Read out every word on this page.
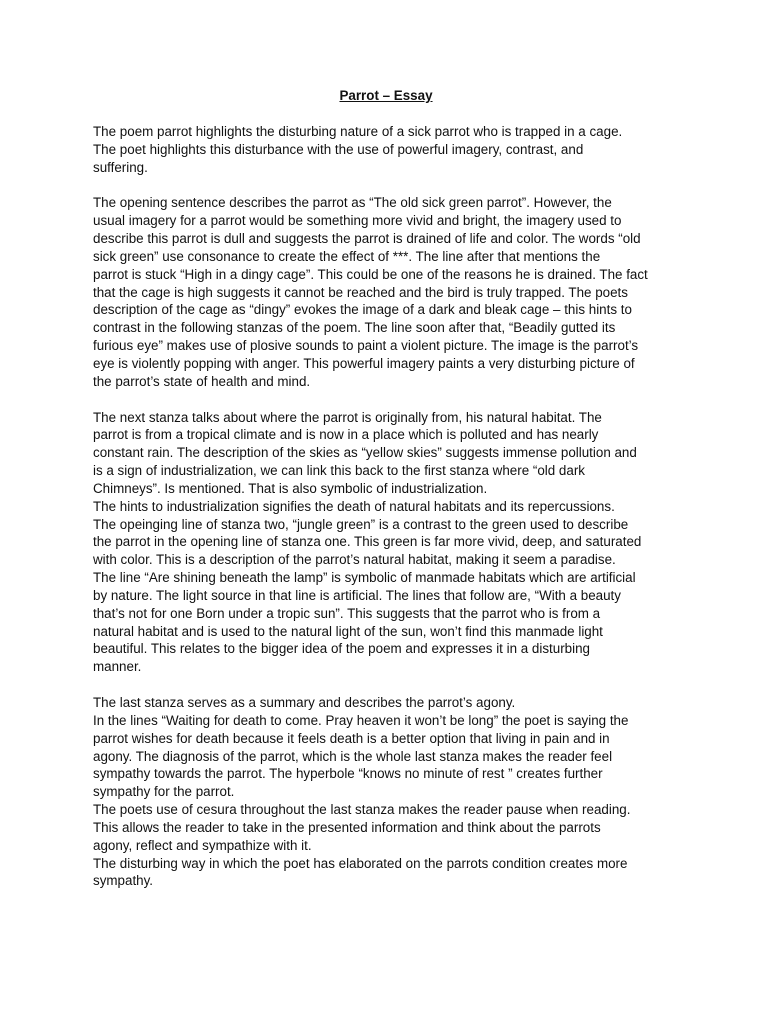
Parrot – Essay
The poem parrot highlights the disturbing nature of a sick parrot who is trapped in a cage.
The poet highlights this disturbance with the use of powerful imagery, contrast, and
suffering.
The opening sentence describes the parrot as “The old sick green parrot”. However, the
usual imagery for a parrot would be something more vivid and bright, the imagery used to
describe this parrot is dull and suggests the parrot is drained of life and color. The words “old
sick green” use consonance to create the effect of ***. The line after that mentions the
parrot is stuck “High in a dingy cage”. This could be one of the reasons he is drained. The fact
that the cage is high suggests it cannot be reached and the bird is truly trapped. The poets
description of the cage as “dingy” evokes the image of a dark and bleak cage – this hints to
contrast in the following stanzas of the poem. The line soon after that, “Beadily gutted its
furious eye” makes use of plosive sounds to paint a violent picture. The image is the parrot’s
eye is violently popping with anger. This powerful imagery paints a very disturbing picture of
the parrot’s state of health and mind.
The next stanza talks about where the parrot is originally from, his natural habitat. The
parrot is from a tropical climate and is now in a place which is polluted and has nearly
constant rain. The description of the skies as “yellow skies” suggests immense pollution and
is a sign of industrialization, we can link this back to the first stanza where “old dark
Chimneys”. Is mentioned. That is also symbolic of industrialization.
The hints to industrialization signifies the death of natural habitats and its repercussions.
The opeinging line of stanza two, “jungle green” is a contrast to the green used to describe
the parrot in the opening line of stanza one. This green is far more vivid, deep, and saturated
with color. This is a description of the parrot’s natural habitat, making it seem a paradise.
The line “Are shining beneath the lamp” is symbolic of manmade habitats which are artificial
by nature. The light source in that line is artificial. The lines that follow are, “With a beauty
that’s not for one Born under a tropic sun”. This suggests that the parrot who is from a
natural habitat and is used to the natural light of the sun, won’t find this manmade light
beautiful. This relates to the bigger idea of the poem and expresses it in a disturbing
manner.
The last stanza serves as a summary and describes the parrot’s agony.
In the lines “Waiting for death to come. Pray heaven it won’t be long” the poet is saying the
parrot wishes for death because it feels death is a better option that living in pain and in
agony. The diagnosis of the parrot, which is the whole last stanza makes the reader feel
sympathy towards the parrot. The hyperbole “knows no minute of rest ” creates further
sympathy for the parrot.
The poets use of cesura throughout the last stanza makes the reader pause when reading.
This allows the reader to take in the presented information and think about the parrots
agony, reflect and sympathize with it.
The disturbing way in which the poet has elaborated on the parrots condition creates more
sympathy.
